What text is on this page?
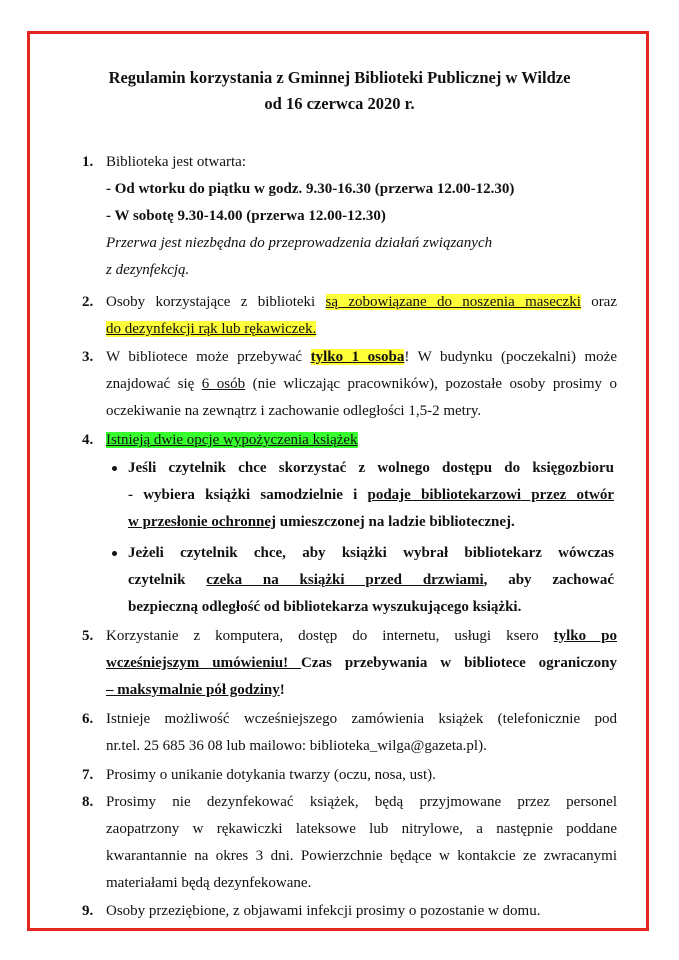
Regulamin korzystania z Gminnej Biblioteki Publicznej w Wildze
od 16 czerwca 2020 r.
1. Biblioteka jest otwarta:
- Od wtorku do piątku w godz. 9.30-16.30 (przerwa 12.00-12.30)
- W sobotę 9.30-14.00 (przerwa 12.00-12.30)
Przerwa jest niezbędna do przeprowadzenia działań związanych
z dezynfekcją.
2. Osoby korzystające z biblioteki są zobowiązane do noszenia maseczki oraz
do dezynfekcji rąk lub rękawiczek.
3. W bibliotece może przebywać tylko 1 osoba! W budynku (poczekalni) może
znajdować się 6 osób (nie wliczając pracowników), pozostałe osoby prosimy o
oczekiwanie na zewnątrz i zachowanie odległości 1,5-2 metry.
4. Istnieją dwie opcje wypożyczenia książek
Jeśli czytelnik chce skorzystać z wolnego dostępu do księgozbioru
- wybiera książki samodzielnie i podaje bibliotekarzowi przez otwór
w przesłonie ochronnej umieszczonej na ladzie bibliotecznej.
Jeżeli czytelnik chce, aby książki wybrał bibliotekarz wówczas
czytelnik czeka na książki przed drzwiami, aby zachować
bezpieczną odległość od bibliotekarza wyszukującego książki.
5. Korzystanie z komputera, dostęp do internetu, usługi ksero tylko po
wcześniejszym umówieniu! Czas przebywania w bibliotece ograniczony
– maksymalnie pół godziny!
6. Istnieje możliwość wcześniejszego zamówienia książek (telefonicznie pod
nr.tel. 25 685 36 08 lub mailowo: biblioteka_wilga@gazeta.pl).
7. Prosimy o unikanie dotykania twarzy (oczu, nosa, ust).
8. Prosimy nie dezynfekować książek, będą przyjmowane przez personel
zaopatrzony w rękawiczki lateksowe lub nitrylowe, a następnie poddane
kwarantannie na okres 3 dni. Powierzchnie będące w kontakcie ze zwracanymi
materiałami będą dezynfekowane.
9. Osoby przeziębione, z objawami infekcji prosimy o pozostanie w domu.
